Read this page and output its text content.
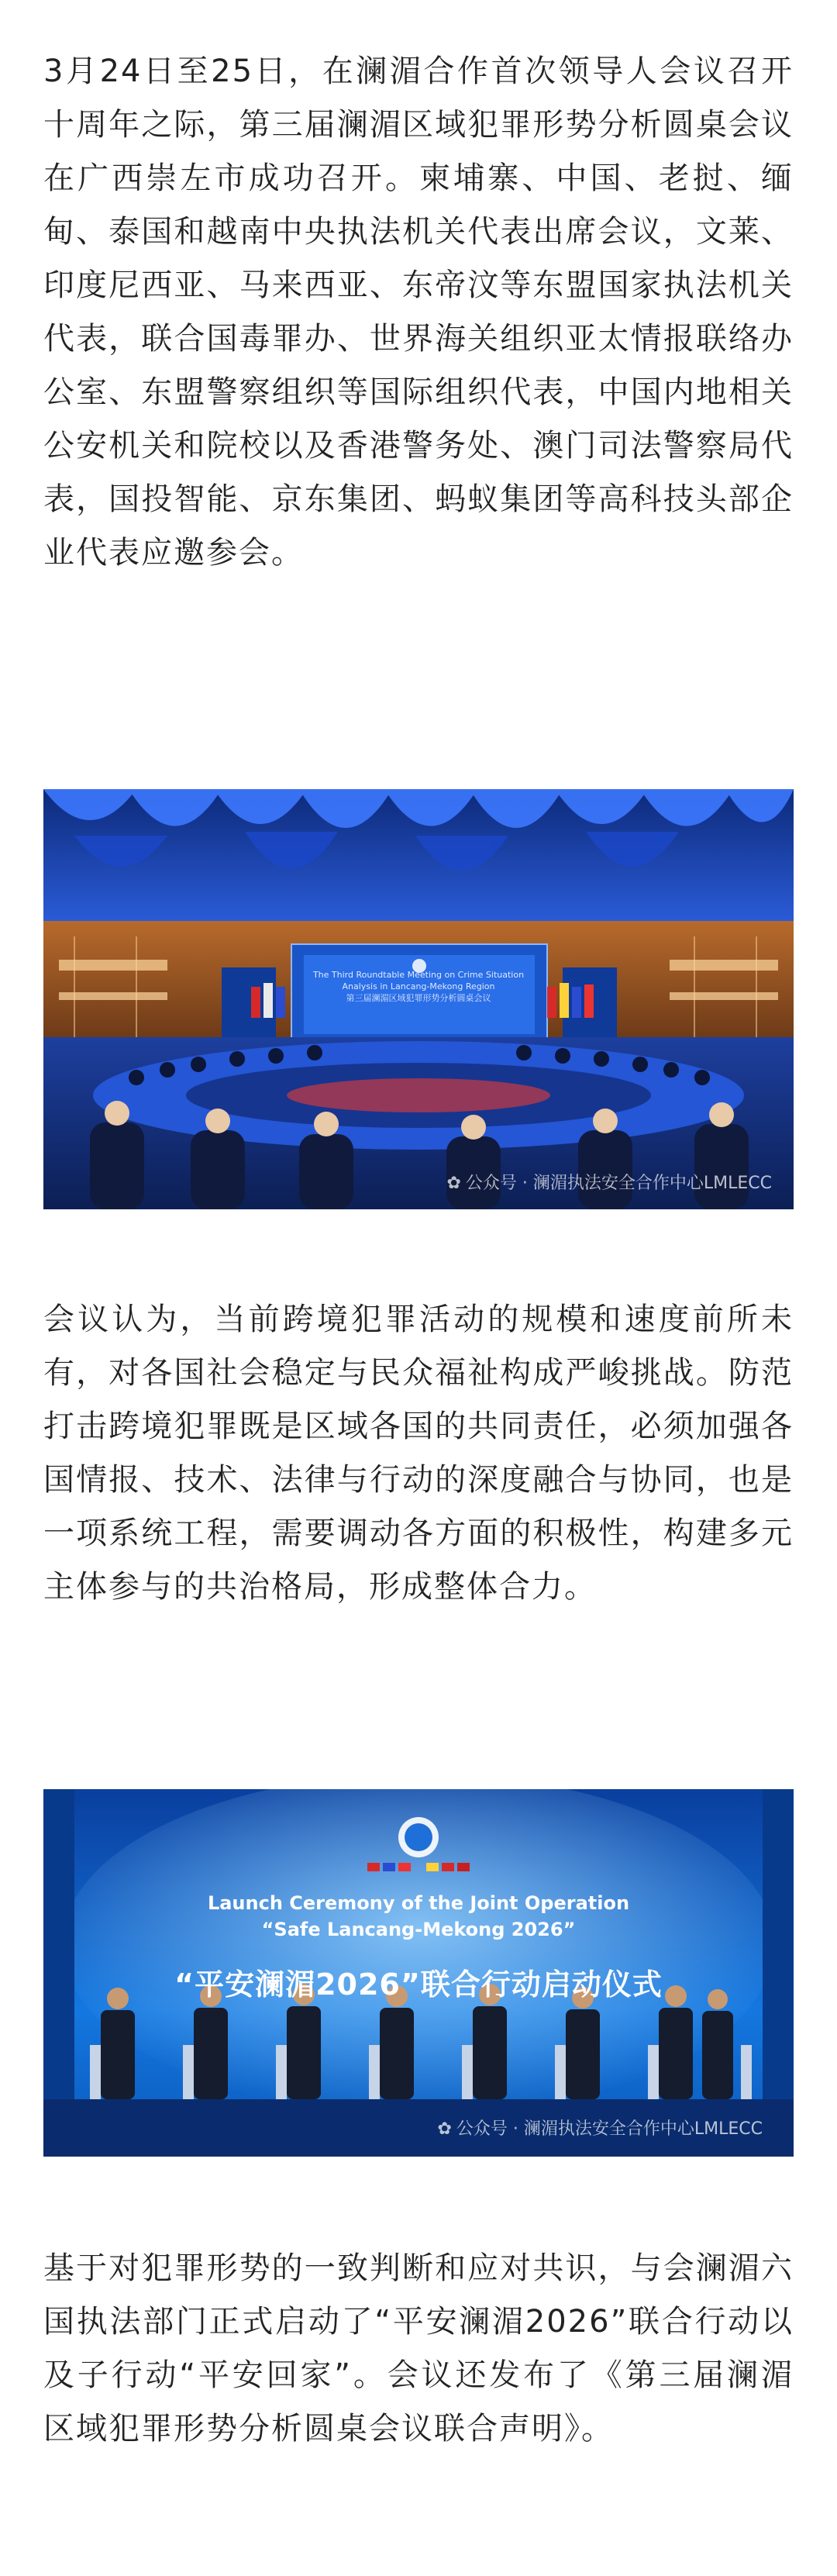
3月24日至25日，在澜湄合作首次领导人会议召开十周年之际，第三届澜湄区域犯罪形势分析圆桌会议在广西崇左市成功召开。柬埔寨、中国、老挝、缅甸、泰国和越南中央执法机关代表出席会议，文莱、印度尼西亚、马来西亚、东帝汶等东盟国家执法机关代表，联合国毒罪办、世界海关组织亚太情报联络办公室、东盟警察组织等国际组织代表，中国内地相关公安机关和院校以及香港警务处、澳门司法警察局代表，国投智能、京东集团、蚂蚁集团等高科技头部企业代表应邀参会。

The Third Roundtable Meeting on Crime Situation Analysis in Lancang-Mekong Region
第三届澜湄区域犯罪形势分析圆桌会议
✿ 公众号 · 澜湄执法安全合作中心LMLECC

会议认为，当前跨境犯罪活动的规模和速度前所未有，对各国社会稳定与民众福祉构成严峻挑战。防范打击跨境犯罪既是区域各国的共同责任，必须加强各国情报、技术、法律与行动的深度融合与协同，也是一项系统工程，需要调动各方面的积极性，构建多元主体参与的共治格局，形成整体合力。

Launch Ceremony of the Joint Operation
“Safe Lancang-Mekong 2026”
“平安澜湄2026”联合行动启动仪式
✿ 公众号 · 澜湄执法安全合作中心LMLECC

基于对犯罪形势的一致判断和应对共识，与会澜湄六国执法部门正式启动了“平安澜湄2026”联合行动以及子行动“平安回家”。会议还发布了《第三届澜湄区域犯罪形势分析圆桌会议联合声明》。
